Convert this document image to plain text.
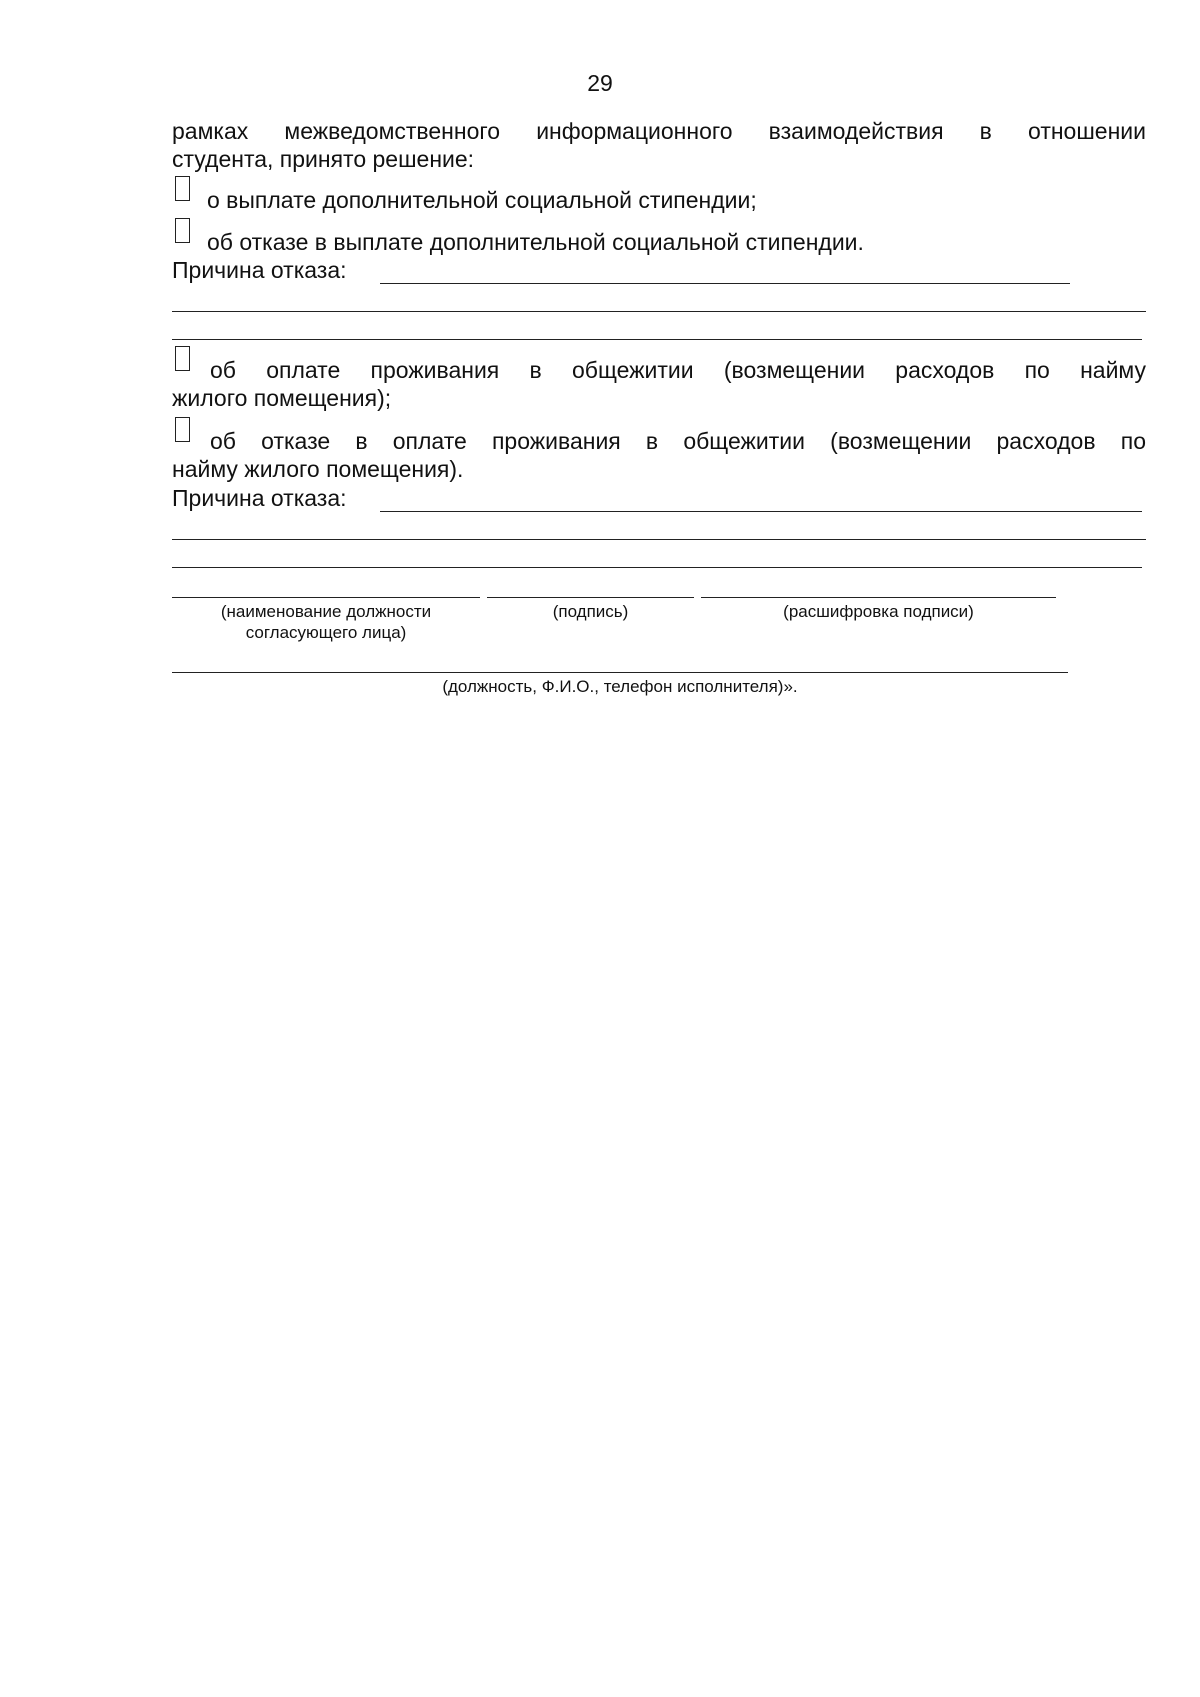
29
рамках межведомственного информационного взаимодействия в отношении
студента, принято решение:
о выплате дополнительной социальной стипендии;
об отказе в выплате дополнительной социальной стипендии.
Причина отказа:
об оплате проживания в общежитии (возмещении расходов по найму
жилого помещения);
об отказе в оплате проживания в общежитии (возмещении расходов по
найму жилого помещения).
Причина отказа:
(наименование должности
согласующего лица)
(подпись)	(расшифровка подписи)
(должность, Ф.И.О., телефон исполнителя)».
